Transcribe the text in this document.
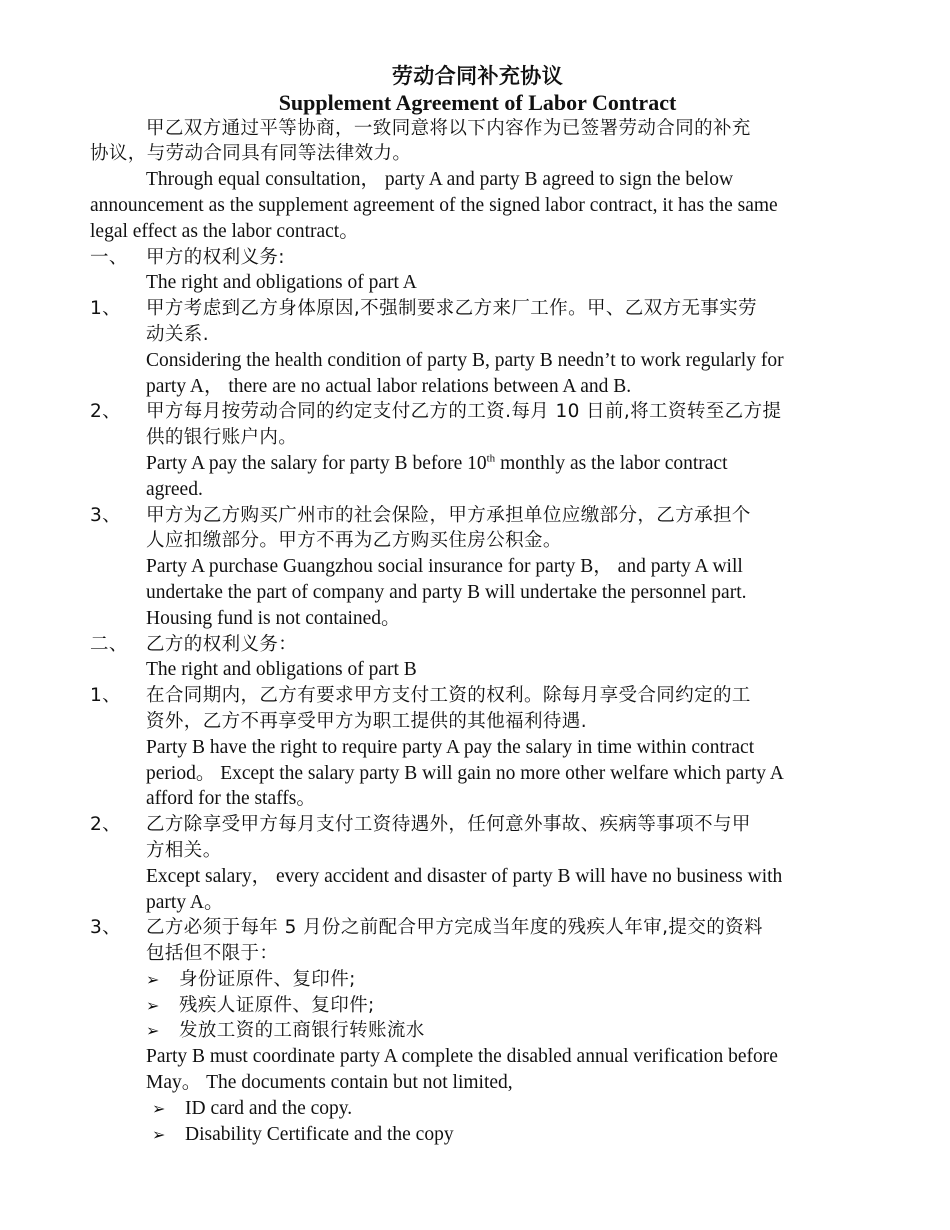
劳动合同补充协议
Supplement Agreement of Labor Contract
甲乙双方通过平等协商，一致同意将以下内容作为已签署劳动合同的补充
协议，与劳动合同具有同等法律效力。
Through equal consultation， party A and party B agreed to sign the below
announcement as the supplement agreement of the signed labor contract, it has the same
legal effect as the labor contract。
一、 甲方的权利义务:
The right and obligations of part A
1、 甲方考虑到乙方身体原因,不强制要求乙方来厂工作。甲、乙双方无事实劳
动关系.
Considering the health condition of party B, party B needn’t to work regularly for
party A， there are no actual labor relations between A and B.
2、 甲方每月按劳动合同的约定支付乙方的工资.每月 10 日前,将工资转至乙方提
供的银行账户内。
Party A pay the salary for party B before 10th monthly as the labor contract
agreed.
3、 甲方为乙方购买广州市的社会保险，甲方承担单位应缴部分，乙方承担个
人应扣缴部分。甲方不再为乙方购买住房公积金。
Party A purchase Guangzhou social insurance for party B， and party A will
undertake the part of company and party B will undertake the personnel part.
Housing fund is not contained。
二、 乙方的权利义务：
The right and obligations of part B
1、 在合同期内，乙方有要求甲方支付工资的权利。除每月享受合同约定的工
资外，乙方不再享受甲方为职工提供的其他福利待遇.
Party B have the right to require party A pay the salary in time within contract
period。 Except the salary party B will gain no more other welfare which party A
afford for the staffs。
2、 乙方除享受甲方每月支付工资待遇外，任何意外事故、疾病等事项不与甲
方相关。
Except salary， every accident and disaster of party B will have no business with
party A。
3、 乙方必须于每年 5 月份之前配合甲方完成当年度的残疾人年审,提交的资料
包括但不限于：
➢ 身份证原件、复印件;
➢ 残疾人证原件、复印件;
➢ 发放工资的工商银行转账流水
Party B must coordinate party A complete the disabled annual verification before
May。 The documents contain but not limited,
➢ ID card and the copy.
➢ Disability Certificate and the copy
